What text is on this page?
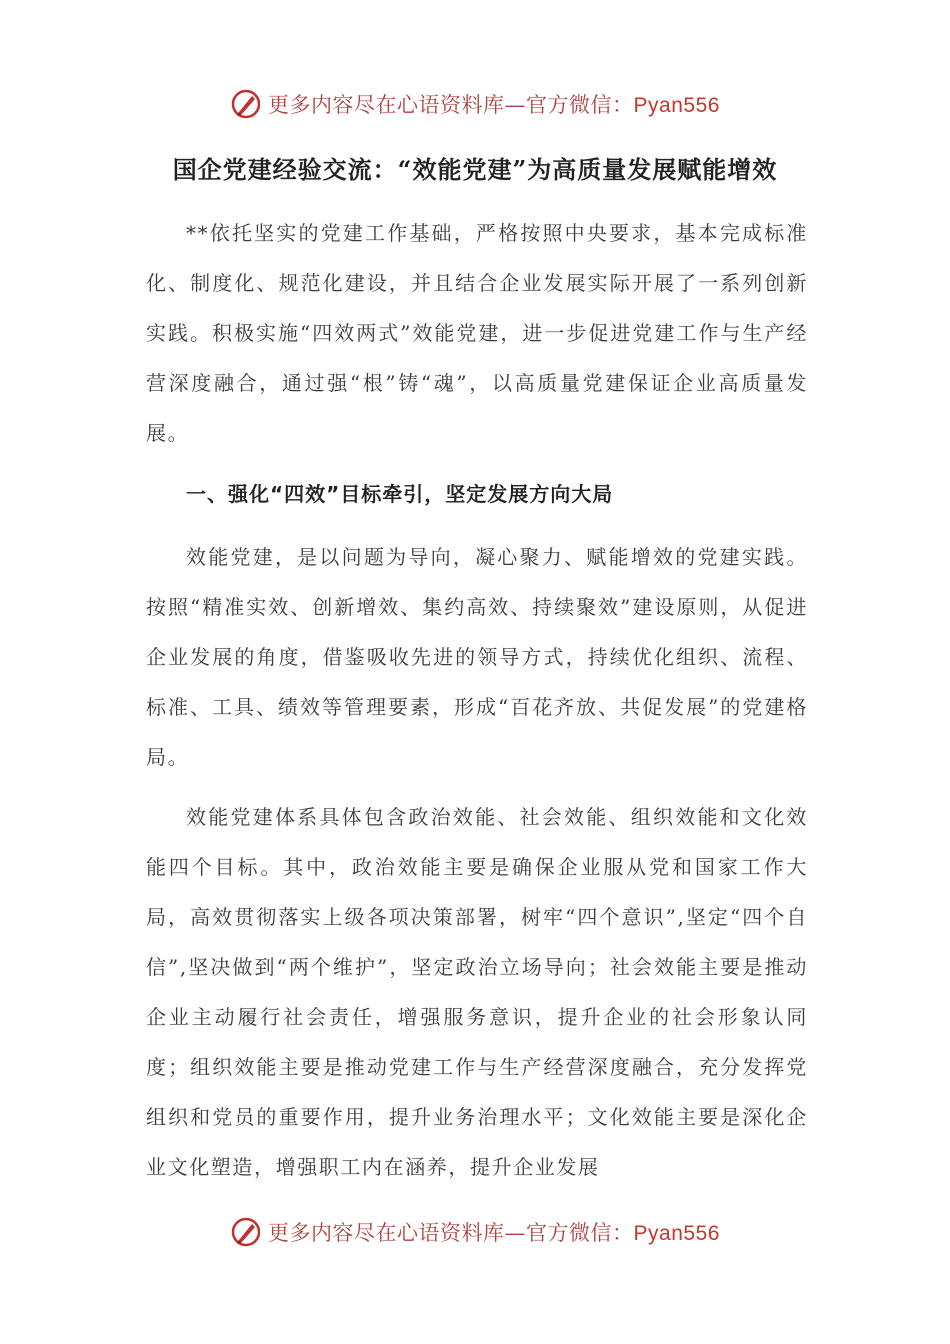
更多内容尽在心语资料库—官方微信：Pyan556
国企党建经验交流：“效能党建”为高质量发展赋能增效

**依托坚实的党建工作基础，严格按照中央要求，基本完成标准化、制度化、规范化建设，并且结合企业发展实际开展了一系列创新实践。积极实施“四效两式”效能党建，进一步促进党建工作与生产经营深度融合，通过强“根”铸“魂”，以高质量党建保证企业高质量发展。

一、强化“四效”目标牵引，坚定发展方向大局

效能党建，是以问题为导向，凝心聚力、赋能增效的党建实践。按照“精准实效、创新增效、集约高效、持续聚效”建设原则，从促进企业发展的角度，借鉴吸收先进的领导方式，持续优化组织、流程、标准、工具、绩效等管理要素，形成“百花齐放、共促发展”的党建格局。

效能党建体系具体包含政治效能、社会效能、组织效能和文化效能四个目标。其中，政治效能主要是确保企业服从党和国家工作大局，高效贯彻落实上级各项决策部署，树牢“四个意识”,坚定“四个自信”,坚决做到“两个维护”，坚定政治立场导向；社会效能主要是推动企业主动履行社会责任，增强服务意识，提升企业的社会形象认同度；组织效能主要是推动党建工作与生产经营深度融合，充分发挥党组织和党员的重要作用，提升业务治理水平；文化效能主要是深化企业文化塑造，增强职工内在涵养，提升企业发展

更多内容尽在心语资料库—官方微信：Pyan556
